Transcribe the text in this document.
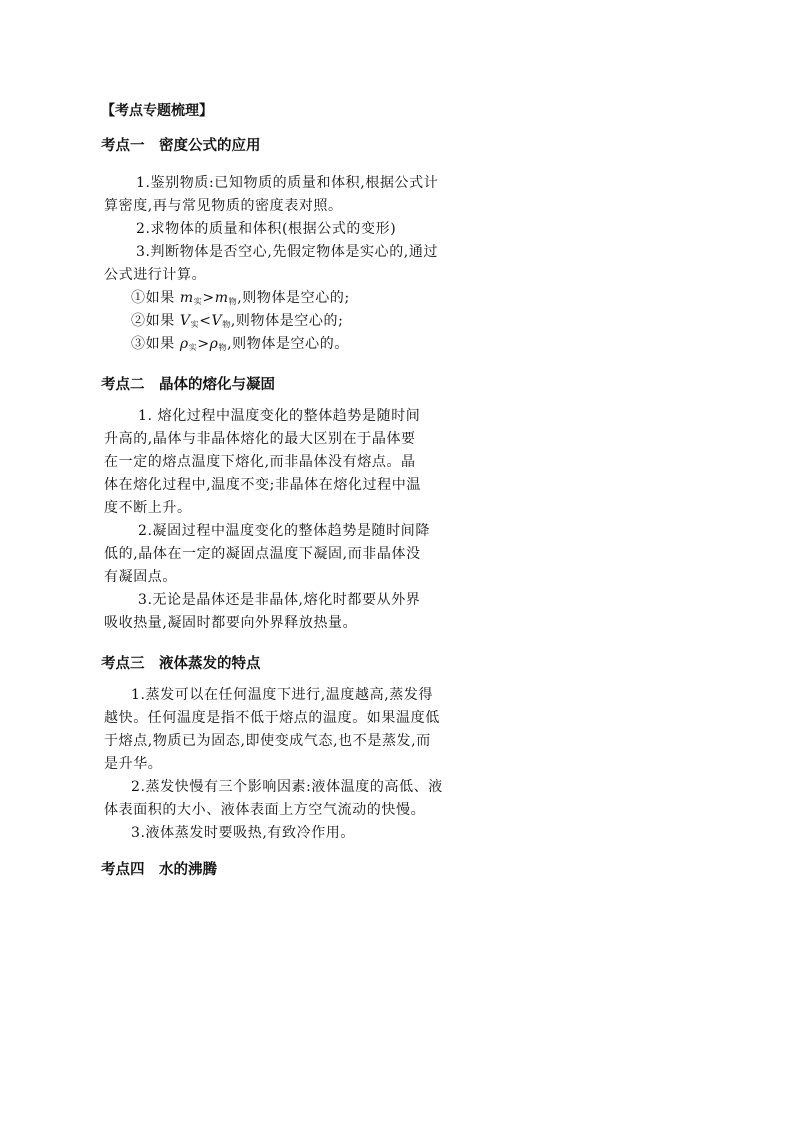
【考点专题梳理】
考点一　密度公式的应用
1.鉴别物质:已知物质的质量和体积,根据公式计
算密度,再与常见物质的密度表对照。
2.求物体的质量和体积(根据公式的变形)
3.判断物体是否空心,先假定物体是实心的,通过
公式进行计算。
①如果 $m_实>m_物$,则物体是空心的;
②如果 $V_实<V_物$,则物体是空心的;
③如果 $\rho_实>\rho_物$,则物体是空心的。
考点二　晶体的熔化与凝固
1. 熔化过程中温度变化的整体趋势是随时间
升高的,晶体与非晶体熔化的最大区别在于晶体要
在一定的熔点温度下熔化,而非晶体没有熔点。晶
体在熔化过程中,温度不变;非晶体在熔化过程中温
度不断上升。
2.凝固过程中温度变化的整体趋势是随时间降
低的,晶体在一定的凝固点温度下凝固,而非晶体没
有凝固点。
3.无论是晶体还是非晶体,熔化时都要从外界
吸收热量,凝固时都要向外界释放热量。
考点三　液体蒸发的特点
1.蒸发可以在任何温度下进行,温度越高,蒸发得
越快。任何温度是指不低于熔点的温度。如果温度低
于熔点,物质已为固态,即使变成气态,也不是蒸发,而
是升华。
2.蒸发快慢有三个影响因素:液体温度的高低、液
体表面积的大小、液体表面上方空气流动的快慢。
3.液体蒸发时要吸热,有致冷作用。
考点四　水的沸腾
